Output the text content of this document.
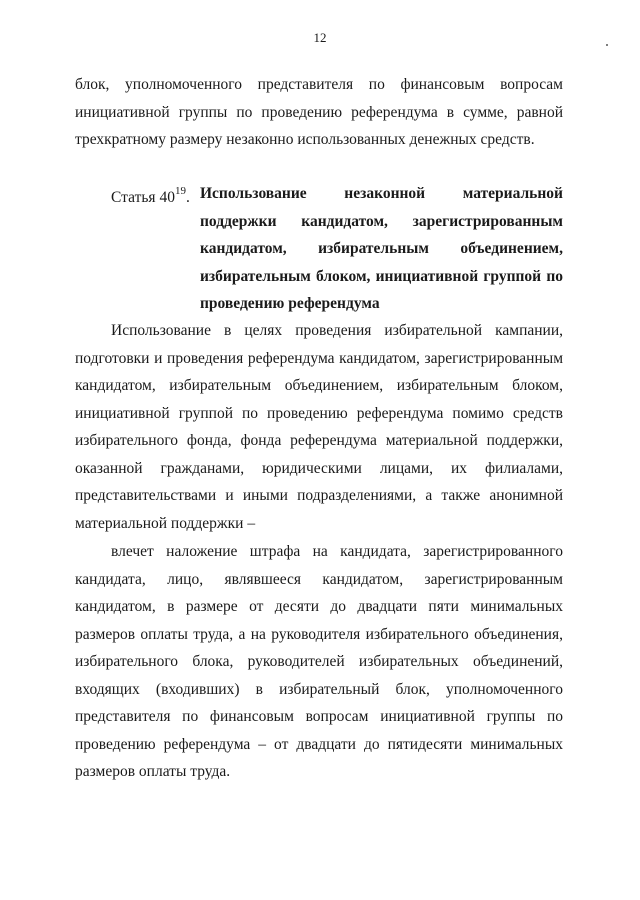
12

блок, уполномоченного представителя по финансовым вопросам инициативной группы по проведению референдума в сумме, равной трехкратному размеру незаконно использованных денежных средств.

Статья $40^{19}$. Использование незаконной материальной поддержки кандидатом, зарегистрированным кандидатом, избирательным объединением, избирательным блоком, инициативной группой по проведению референдума

Использование в целях проведения избирательной кампании, подготовки и проведения референдума кандидатом, зарегистрированным кандидатом, избирательным объединением, избирательным блоком, инициативной группой по проведению референдума помимо средств избирательного фонда, фонда референдума материальной поддержки, оказанной гражданами, юридическими лицами, их филиалами, представительствами и иными подразделениями, а также анонимной материальной поддержки –

влечет наложение штрафа на кандидата, зарегистрированного кандидата, лицо, являвшееся кандидатом, зарегистрированным кандидатом, в размере от десяти до двадцати пяти минимальных размеров оплаты труда, а на руководителя избирательного объединения, избирательного блока, руководителей избирательных объединений, входящих (входивших) в избирательный блок, уполномоченного представителя по финансовым вопросам инициативной группы по проведению референдума – от двадцати до пятидесяти минимальных размеров оплаты труда.
